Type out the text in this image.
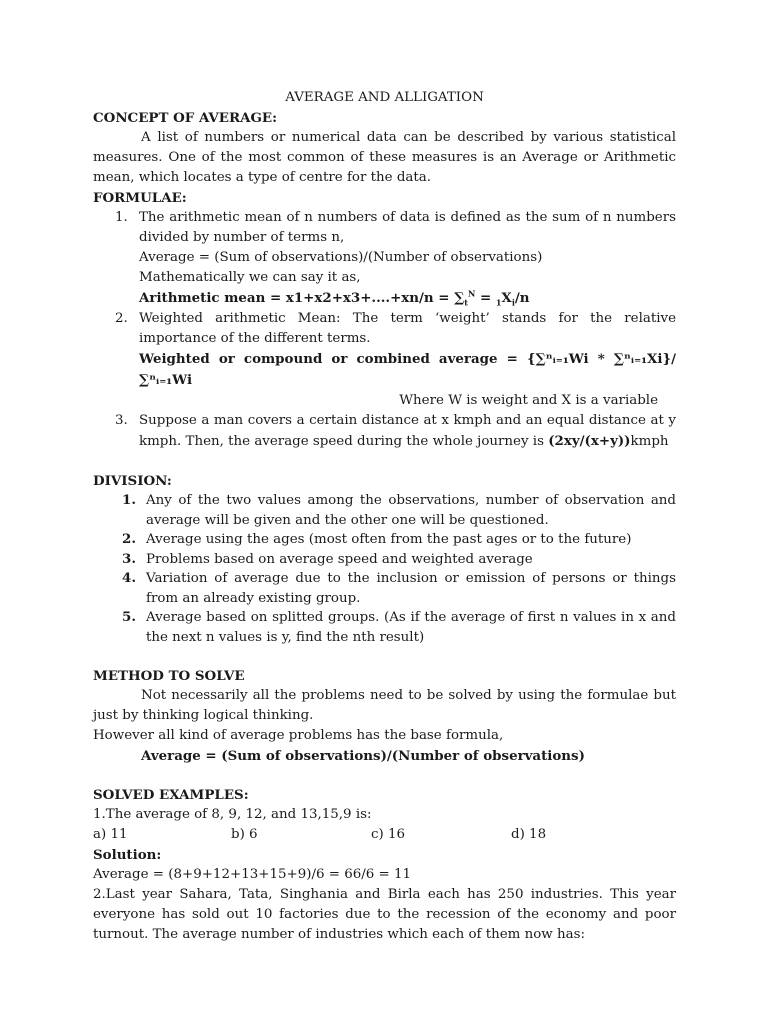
AVERAGE AND ALLIGATION

CONCEPT OF AVERAGE:

A list of numbers or numerical data can be described by various statistical measures. One of the most common of these measures is an Average or Arithmetic mean, which locates a type of centre for the data.

FORMULAE:

1. The arithmetic mean of n numbers of data is defined as the sum of n numbers divided by number of terms n,
Average = (Sum of observations)/(Number of observations)
Mathematically we can say it as,
Arithmetic mean = $x1+x2+x3+....+xn/n = \sum_t^N = _1X_i/n$
2. Weighted arithmetic Mean: The term ‘weight’ stands for the relative importance of the different terms.
Weighted or compound or combined average = {∑ⁿᵢ₌₁Wi * ∑ⁿᵢ₌₁Xi}/∑ⁿᵢ₌₁Wi
Where W is weight and X is a variable
3. Suppose a man covers a certain distance at x kmph and an equal distance at y kmph. Then, the average speed during the whole journey is (2xy/(x+y))kmph

DIVISION:

1. Any of the two values among the observations, number of observation and average will be given and the other one will be questioned.
2. Average using the ages (most often from the past ages or to the future)
3. Problems based on average speed and weighted average
4. Variation of average due to the inclusion or emission of persons or things from an already existing group.
5. Average based on splitted groups. (As if the average of first n values in x and the next n values is y, find the nth result)

METHOD TO SOLVE

Not necessarily all the problems need to be solved by using the formulae but just by thinking logical thinking.

However all kind of average problems has the base formula,

Average = (Sum of observations)/(Number of observations)

SOLVED EXAMPLES:

1.The average of 8, 9, 12, and 13,15,9 is:

a) 11	b) 6	c) 16	d) 18

Solution:

Average = (8+9+12+13+15+9)/6 = 66/6 = 11

2.Last year Sahara, Tata, Singhania and Birla each has 250 industries. This year everyone has sold out 10 factories due to the recession of the economy and poor turnout. The average number of industries which each of them now has:
